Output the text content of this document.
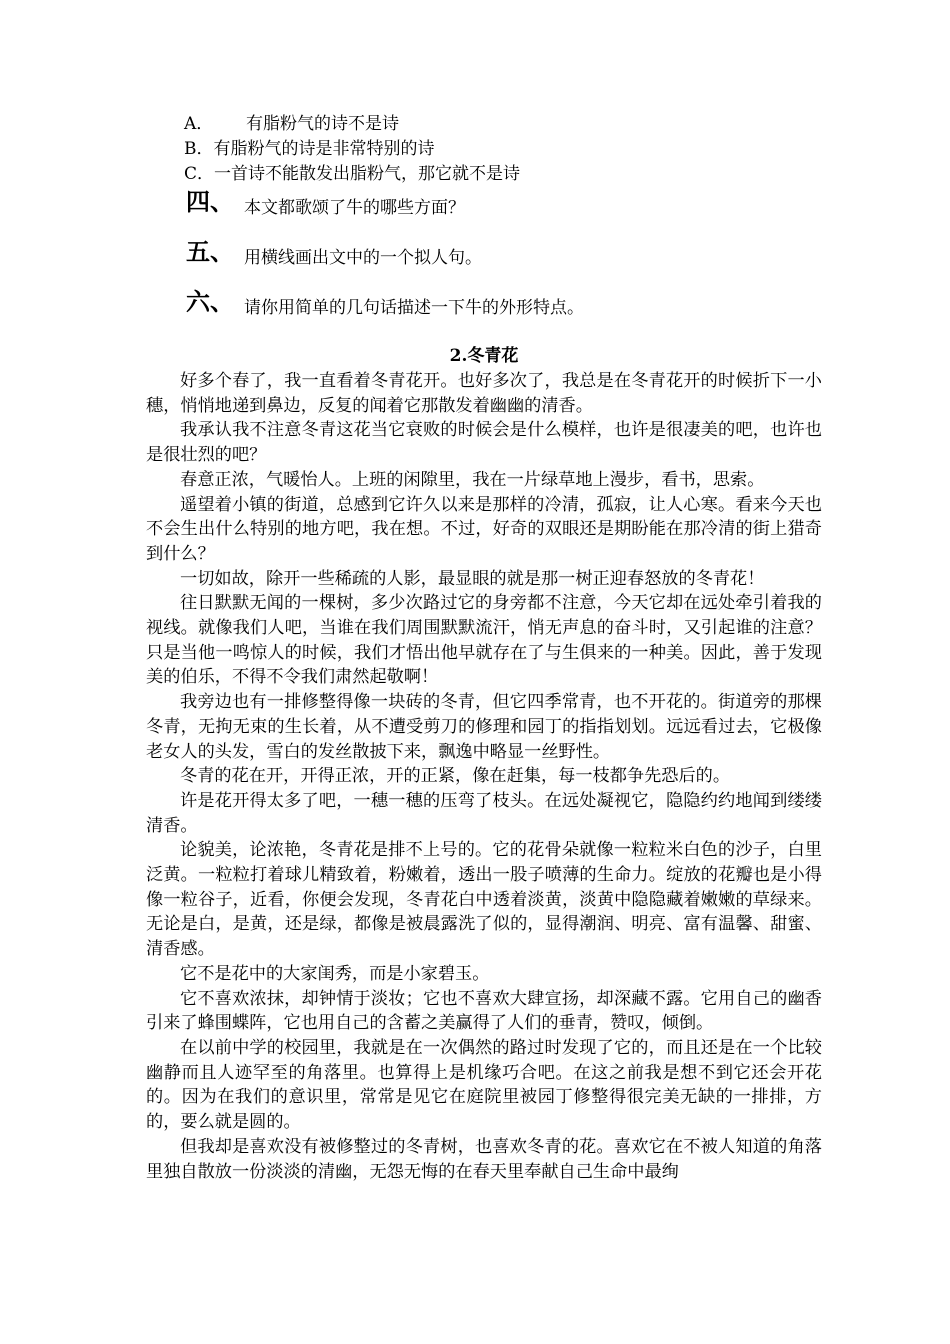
A． 有脂粉气的诗不是诗
B．有脂粉气的诗是非常特别的诗
C．一首诗不能散发出脂粉气，那它就不是诗
四、 本文都歌颂了牛的哪些方面？
五、 用横线画出文中的一个拟人句。
六、 请你用简单的几句话描述一下牛的外形特点。
2.冬青花

好多个春了，我一直看着冬青花开。也好多次了，我总是在冬青花开的时候折下一小穗，悄悄地递到鼻边，反复的闻着它那散发着幽幽的清香。

我承认我不注意冬青这花当它衰败的时候会是什么模样，也许是很凄美的吧，也许也是很壮烈的吧？

春意正浓，气暖怡人。上班的闲隙里，我在一片绿草地上漫步，看书，思索。

遥望着小镇的街道，总感到它许久以来是那样的冷清，孤寂，让人心寒。看来今天也不会生出什么特别的地方吧，我在想。不过，好奇的双眼还是期盼能在那冷清的街上猎奇到什么？

一切如故，除开一些稀疏的人影，最显眼的就是那一树正迎春怒放的冬青花！

往日默默无闻的一棵树，多少次路过它的身旁都不注意，今天它却在远处牵引着我的视线。就像我们人吧，当谁在我们周围默默流汗，悄无声息的奋斗时，又引起谁的注意？只是当他一鸣惊人的时候，我们才悟出他早就存在了与生俱来的一种美。因此，善于发现美的伯乐，不得不令我们肃然起敬啊！

我旁边也有一排修整得像一块砖的冬青，但它四季常青，也不开花的。街道旁的那棵冬青，无拘无束的生长着，从不遭受剪刀的修理和园丁的指指划划。远远看过去，它极像老女人的头发，雪白的发丝散披下来，飘逸中略显一丝野性。

冬青的花在开，开得正浓，开的正紧，像在赶集，每一枝都争先恐后的。

许是花开得太多了吧，一穗一穗的压弯了枝头。在远处凝视它，隐隐约约地闻到缕缕清香。

论貌美，论浓艳，冬青花是排不上号的。它的花骨朵就像一粒粒米白色的沙子，白里泛黄。一粒粒打着球儿精致着，粉嫩着，透出一股子喷薄的生命力。绽放的花瓣也是小得像一粒谷子，近看，你便会发现，冬青花白中透着淡黄，淡黄中隐隐藏着嫩嫩的草绿来。无论是白，是黄，还是绿，都像是被晨露洗了似的，显得潮润、明亮、富有温馨、甜蜜、清香感。

它不是花中的大家闺秀，而是小家碧玉。

它不喜欢浓抹，却钟情于淡妆；它也不喜欢大肆宣扬，却深藏不露。它用自己的幽香引来了蜂围蝶阵，它也用自己的含蓄之美赢得了人们的垂青，赞叹，倾倒。

在以前中学的校园里，我就是在一次偶然的路过时发现了它的，而且还是在一个比较幽静而且人迹罕至的角落里。也算得上是机缘巧合吧。在这之前我是想不到它还会开花的。因为在我们的意识里，常常是见它在庭院里被园丁修整得很完美无缺的一排排，方的，要么就是圆的。

但我却是喜欢没有被修整过的冬青树，也喜欢冬青的花。喜欢它在不被人知道的角落里独自散放一份淡淡的清幽，无怨无悔的在春天里奉献自己生命中最绚
